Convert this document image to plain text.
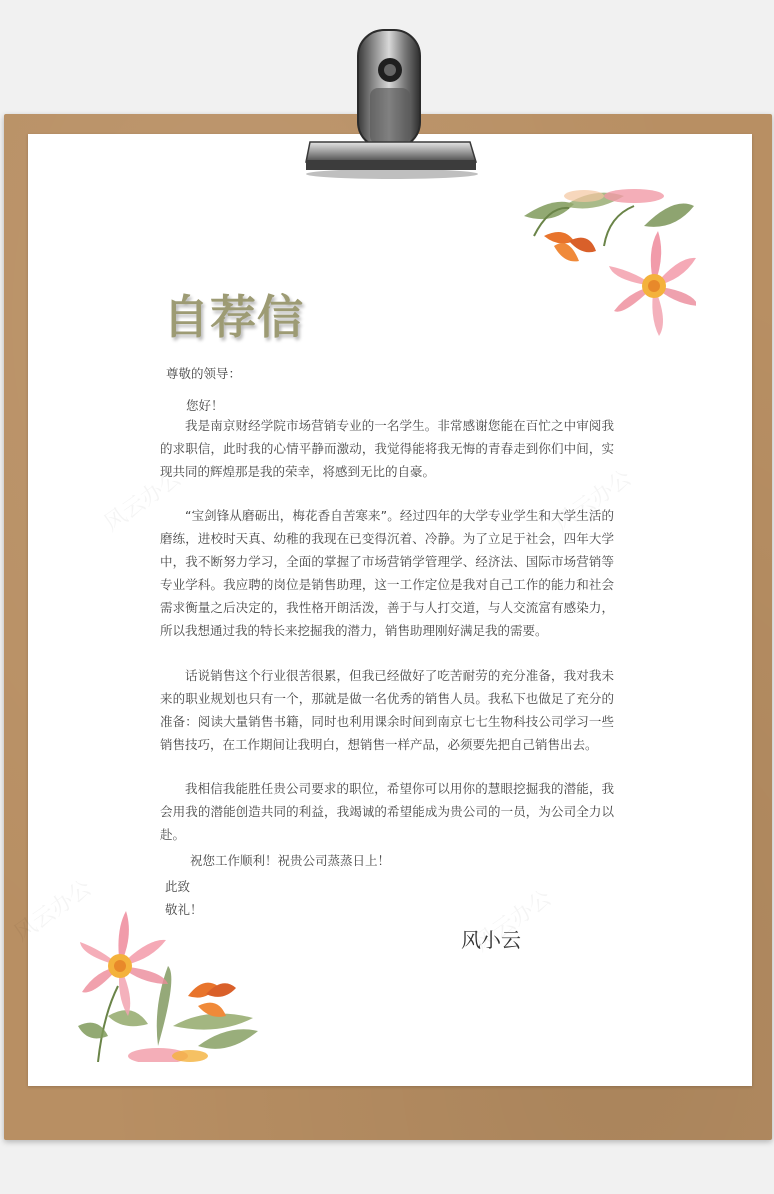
自荐信
尊敬的领导：
您好！

我是南京财经学院市场营销专业的一名学生。非常感谢您能在百忙之中审阅我的求职信，此时我的心情平静而激动，我觉得能将我无悔的青春走到你们中间，实现共同的辉煌那是我的荣幸，将感到无比的自豪。

“宝剑锋从磨砺出，梅花香自苦寒来”。经过四年的大学专业学生和大学生活的磨练，进校时天真、幼稚的我现在已变得沉着、冷静。为了立足于社会，四年大学中，我不断努力学习，全面的掌握了市场营销学管理学、经济法、国际市场营销等专业学科。我应聘的岗位是销售助理，这一工作定位是我对自己工作的能力和社会需求衡量之后决定的，我性格开朗活泼，善于与人打交道，与人交流富有感染力，所以我想通过我的特长来挖掘我的潜力，销售助理刚好满足我的需要。

话说销售这个行业很苦很累，但我已经做好了吃苦耐劳的充分准备，我对我未来的职业规划也只有一个，那就是做一名优秀的销售人员。我私下也做足了充分的准备：阅读大量销售书籍，同时也利用课余时间到南京七七生物科技公司学习一些销售技巧，在工作期间让我明白，想销售一样产品，必须要先把自己销售出去。

我相信我能胜任贵公司要求的职位，希望你可以用你的慧眼挖掘我的潜能，我会用我的潜能创造共同的利益，我竭诚的希望能成为贵公司的一员，为公司全力以赴。

祝您工作顺利！祝贵公司蒸蒸日上！
此致
敬礼！
风小云
